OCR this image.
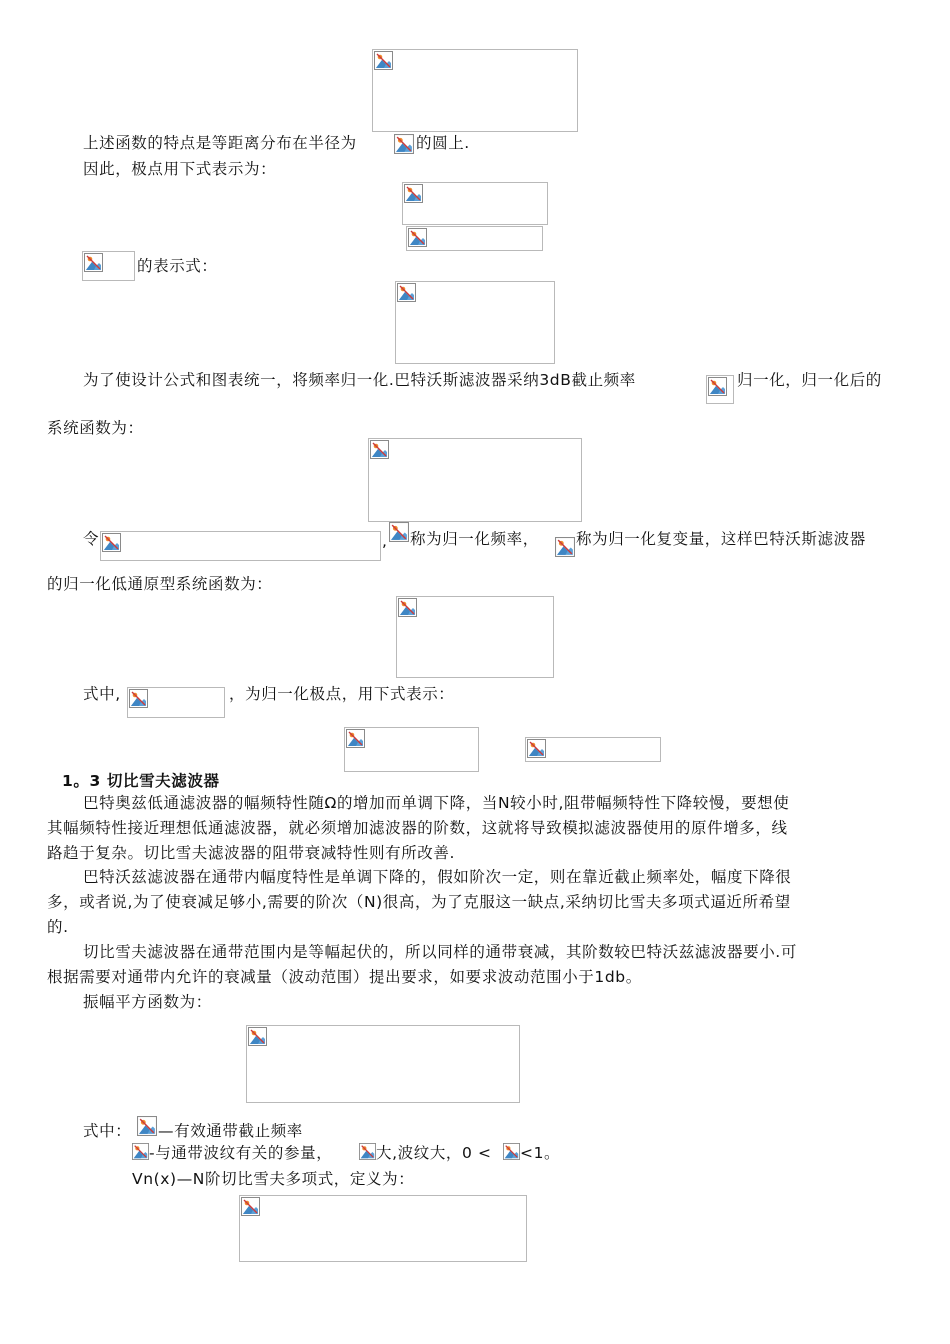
上述函数的特点是等距离分布在半径为	的圆上.
因此，极点用下式表示为：
的表示式：
为了使设计公式和图表统一，将频率归一化.巴特沃斯滤波器采纳3dB截止频率	归一化，归一化后的
系统函数为：
令	, 称为归一化频率， 称为归一化复变量，这样巴特沃斯滤波器
的归一化低通原型系统函数为：
式中,	，为归一化极点，用下式表示：
1。3 切比雪夫滤波器
巴特奥兹低通滤波器的幅频特性随Ω的增加而单调下降，当N较小时,阻带幅频特性下降较慢，要想使
其幅频特性接近理想低通滤波器，就必须增加滤波器的阶数，这就将导致模拟滤波器使用的原件增多，线
路趋于复杂。切比雪夫滤波器的阻带衰减特性则有所改善.
巴特沃兹滤波器在通带内幅度特性是单调下降的，假如阶次一定，则在靠近截止频率处，幅度下降很
多，或者说,为了使衰减足够小,需要的阶次（N)很高，为了克服这一缺点,采纳切比雪夫多项式逼近所希望
的.
切比雪夫滤波器在通带范围内是等幅起伏的，所以同样的通带衰减，其阶数较巴特沃兹滤波器要小.可
根据需要对通带内允许的衰减量（波动范围）提出要求，如要求波动范围小于1db。
振幅平方函数为：
式中： —有效通带截止频率
-与通带波纹有关的参量，	大,波纹大，0 < <1。
Vn(x)—N阶切比雪夫多项式，定义为：
